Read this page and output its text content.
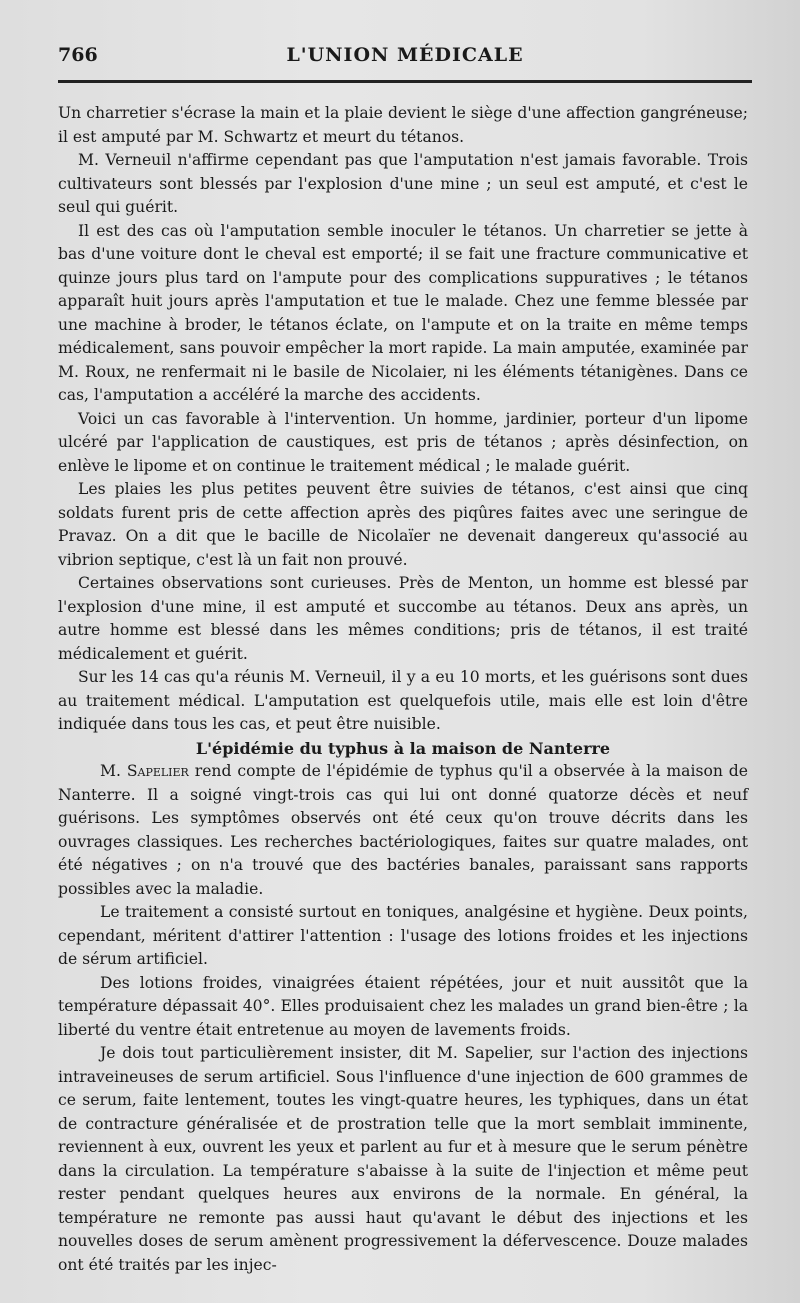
766	L'UNION MÉDICALE

Un charretier s'écrase la main et la plaie devient le siège d'une affection gangréneuse; il est amputé par M. Schwartz et meurt du tétanos.

M. Verneuil n'affirme cependant pas que l'amputation n'est jamais favorable. Trois cultivateurs sont blessés par l'explosion d'une mine ; un seul est amputé, et c'est le seul qui guérit.

Il est des cas où l'amputation semble inoculer le tétanos. Un charretier se jette à bas d'une voiture dont le cheval est emporté; il se fait une fracture communicative et quinze jours plus tard on l'ampute pour des complications suppuratives ; le tétanos apparaît huit jours après l'amputation et tue le malade. Chez une femme blessée par une machine à broder, le tétanos éclate, on l'ampute et on la traite en même temps médicalement, sans pouvoir empêcher la mort rapide. La main amputée, examinée par M. Roux, ne renfermait ni le basile de Nicolaier, ni les éléments tétanigènes. Dans ce cas, l'amputation a accéléré la marche des accidents.

Voici un cas favorable à l'intervention. Un homme, jardinier, porteur d'un lipome ulcéré par l'application de caustiques, est pris de tétanos ; après désinfection, on enlève le lipome et on continue le traitement médical ; le malade guérit.

Les plaies les plus petites peuvent être suivies de tétanos, c'est ainsi que cinq soldats furent pris de cette affection après des piqûres faites avec une seringue de Pravaz. On a dit que le bacille de Nicolaïer ne devenait dangereux qu'associé au vibrion septique, c'est là un fait non prouvé.

Certaines observations sont curieuses. Près de Menton, un homme est blessé par l'explosion d'une mine, il est amputé et succombe au tétanos. Deux ans après, un autre homme est blessé dans les mêmes conditions; pris de tétanos, il est traité médicalement et guérit.

Sur les 14 cas qu'a réunis M. Verneuil, il y a eu 10 morts, et les guérisons sont dues au traitement médical. L'amputation est quelquefois utile, mais elle est loin d'être indiquée dans tous les cas, et peut être nuisible.

L'épidémie du typhus à la maison de Nanterre

M. Sapelier rend compte de l'épidémie de typhus qu'il a observée à la maison de Nanterre. Il a soigné vingt-trois cas qui lui ont donné quatorze décès et neuf guérisons. Les symptômes observés ont été ceux qu'on trouve décrits dans les ouvrages classiques. Les recherches bactériologiques, faites sur quatre malades, ont été négatives ; on n'a trouvé que des bactéries banales, paraissant sans rapports possibles avec la maladie.

Le traitement a consisté surtout en toniques, analgésine et hygiène. Deux points, cependant, méritent d'attirer l'attention : l'usage des lotions froides et les injections de sérum artificiel.

Des lotions froides, vinaigrées étaient répétées, jour et nuit aussitôt que la température dépassait 40°. Elles produisaient chez les malades un grand bien-être ; la liberté du ventre était entretenue au moyen de lavements froids.

Je dois tout particulièrement insister, dit M. Sapelier, sur l'action des injections intraveineuses de serum artificiel. Sous l'influence d'une injection de 600 grammes de ce serum, faite lentement, toutes les vingt-quatre heures, les typhiques, dans un état de contracture généralisée et de prostration telle que la mort semblait imminente, reviennent à eux, ouvrent les yeux et parlent au fur et à mesure que le serum pénètre dans la circulation. La température s'abaisse à la suite de l'injection et même peut rester pendant quelques heures aux environs de la normale. En général, la température ne remonte pas aussi haut qu'avant le début des injections et les nouvelles doses de serum amènent progressivement la défervescence. Douze malades ont été traités par les injec-
